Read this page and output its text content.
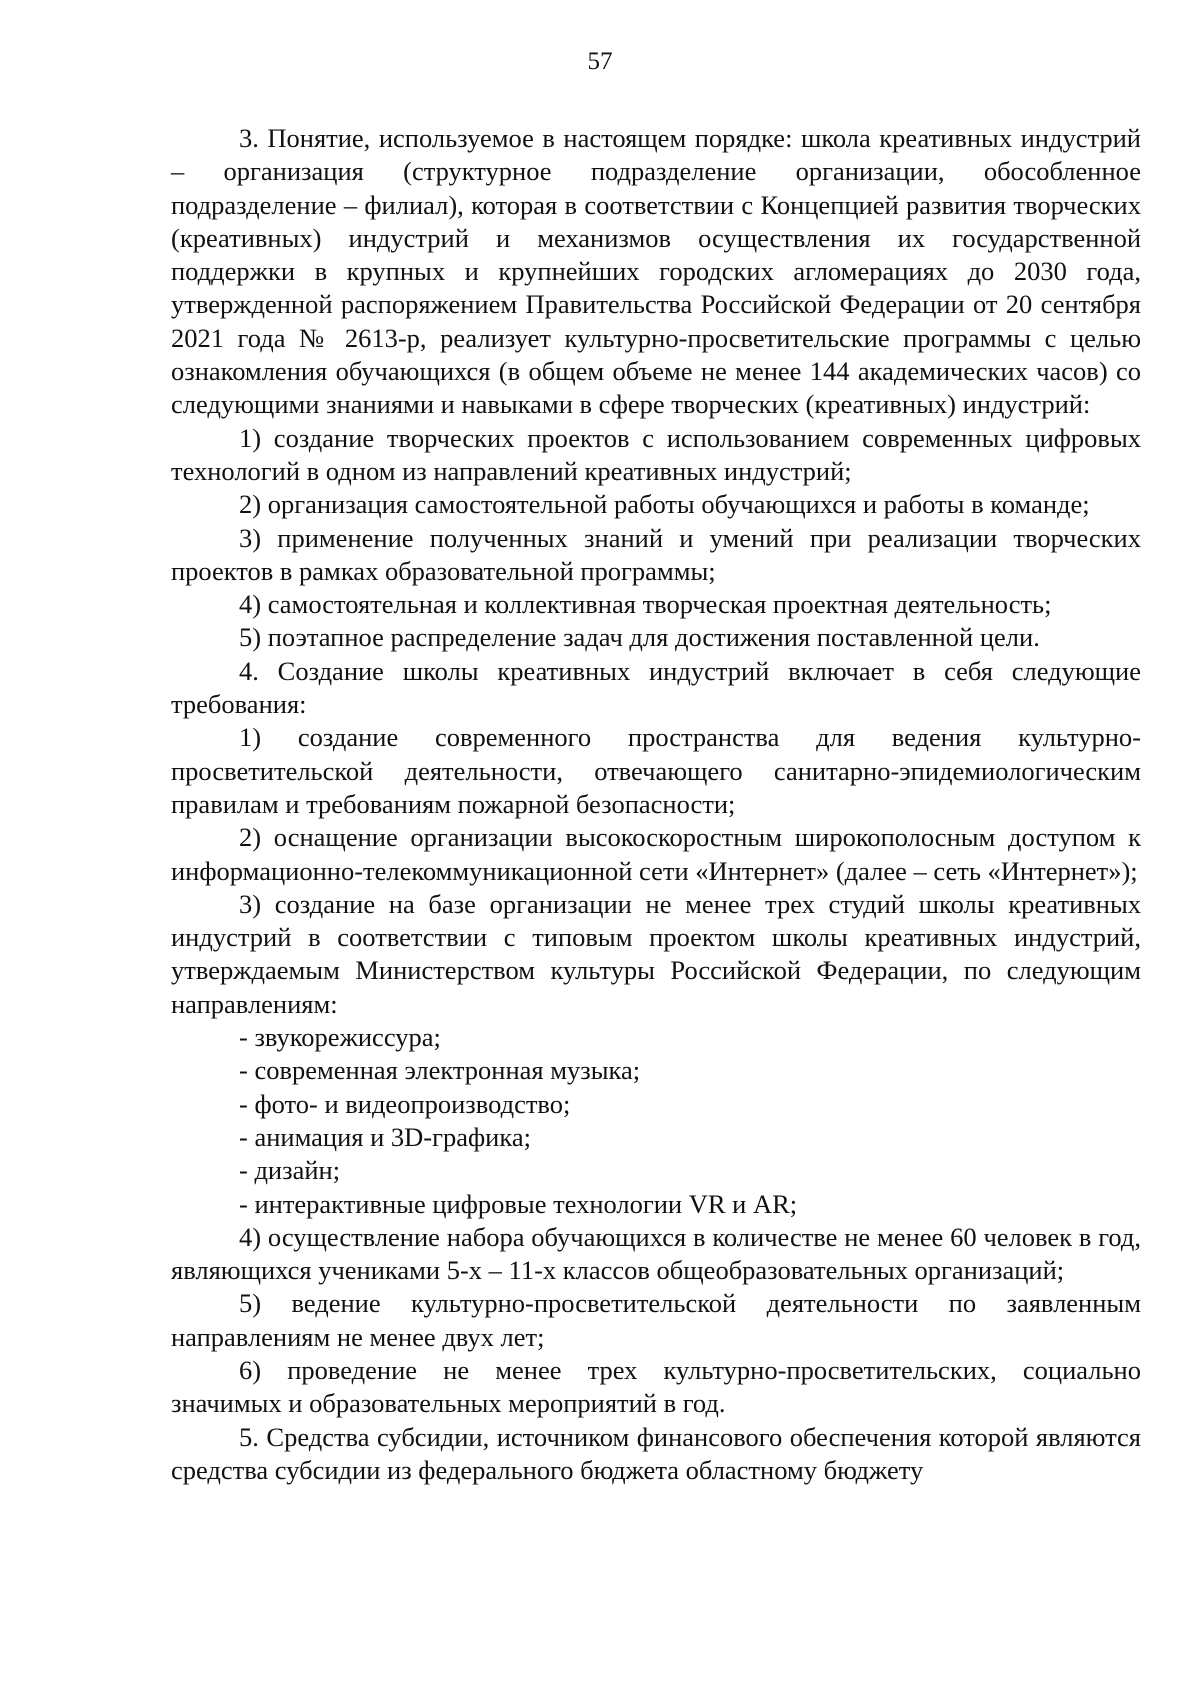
57

3. Понятие, используемое в настоящем порядке: школа креативных индустрий – организация (структурное подразделение организации, обособленное подразделение – филиал), которая в соответствии с Концепцией развития творческих (креативных) индустрий и механизмов осуществления их государственной поддержки в крупных и крупнейших городских агломерациях до 2030 года, утвержденной распоряжением Правительства Российской Федерации от 20 сентября 2021 года № 2613-р, реализует культурно-просветительские программы с целью ознакомления обучающихся (в общем объеме не менее 144 академических часов) со следующими знаниями и навыками в сфере творческих (креативных) индустрий:

1) создание творческих проектов с использованием современных цифровых технологий в одном из направлений креативных индустрий;

2) организация самостоятельной работы обучающихся и работы в команде;

3) применение полученных знаний и умений при реализации творческих проектов в рамках образовательной программы;

4) самостоятельная и коллективная творческая проектная деятельность;

5) поэтапное распределение задач для достижения поставленной цели.

4. Создание школы креативных индустрий включает в себя следующие требования:

1) создание современного пространства для ведения культурно-просветительской деятельности, отвечающего санитарно-эпидемиологическим правилам и требованиям пожарной безопасности;

2) оснащение организации высокоскоростным широкополосным доступом к информационно-телекоммуникационной сети «Интернет» (далее – сеть «Интернет»);

3) создание на базе организации не менее трех студий школы креативных индустрий в соответствии с типовым проектом школы креативных индустрий, утверждаемым Министерством культуры Российской Федерации, по следующим направлениям:

- звукорежиссура;

- современная электронная музыка;

- фото- и видеопроизводство;

- анимация и 3D-графика;

- дизайн;

- интерактивные цифровые технологии VR и AR;

4) осуществление набора обучающихся в количестве не менее 60 человек в год, являющихся учениками 5-х – 11-х классов общеобразовательных организаций;

5) ведение культурно-просветительской деятельности по заявленным направлениям не менее двух лет;

6) проведение не менее трех культурно-просветительских, социально значимых и образовательных мероприятий в год.

5. Средства субсидии, источником финансового обеспечения которой являются средства субсидии из федерального бюджета областному бюджету
